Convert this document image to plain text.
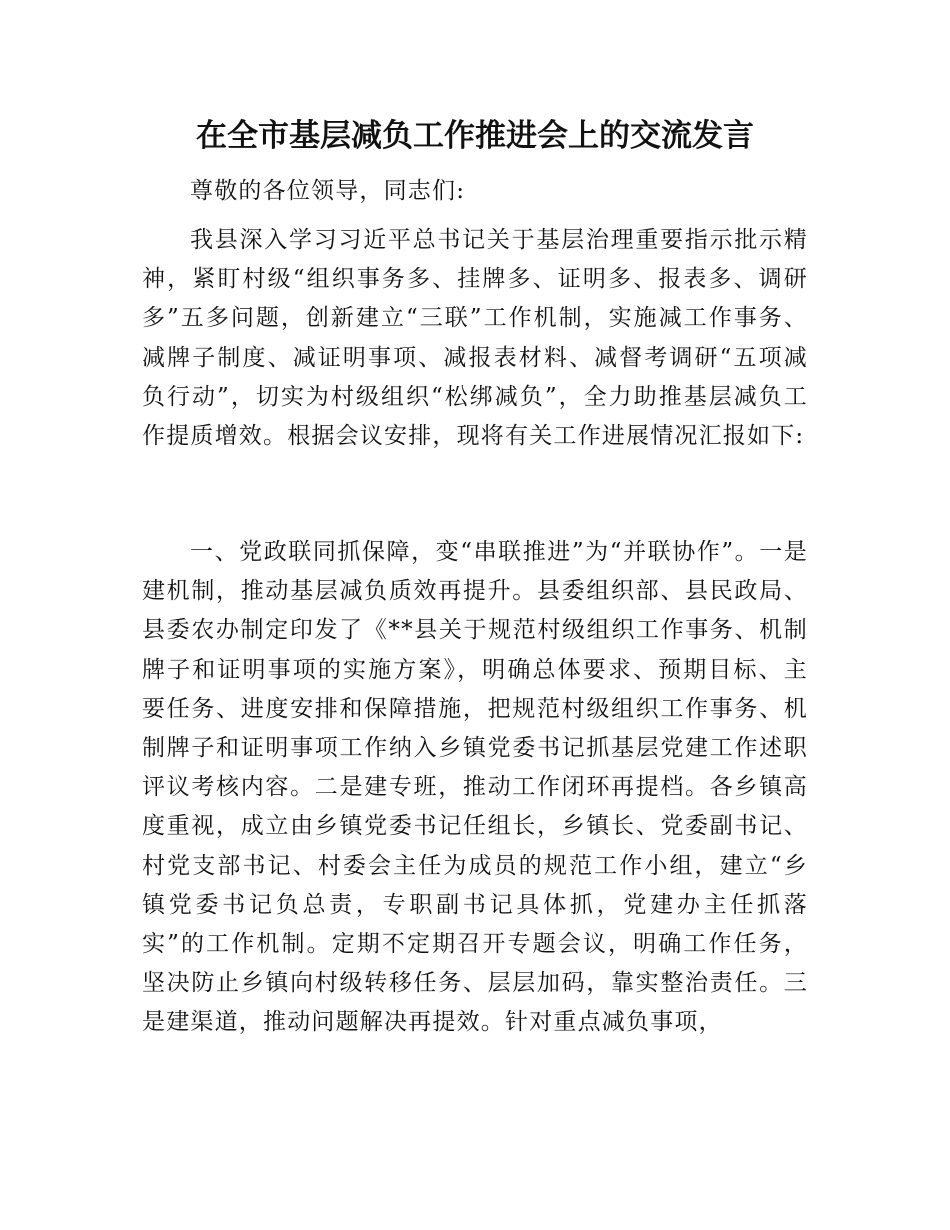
在全市基层减负工作推进会上的交流发言

尊敬的各位领导，同志们:

我县深入学习习近平总书记关于基层治理重要指示批示精神，紧盯村级“组织事务多、挂牌多、证明多、报表多、调研多”五多问题，创新建立“三联”工作机制，实施减工作事务、减牌子制度、减证明事项、减报表材料、减督考调研“五项减负行动”，切实为村级组织“松绑减负”，全力助推基层减负工作提质增效。根据会议安排，现将有关工作进展情况汇报如下:

一、党政联同抓保障，变“串联推进”为“并联协作”。一是建机制，推动基层减负质效再提升。县委组织部、县民政局、县委农办制定印发了《**县关于规范村级组织工作事务、机制牌子和证明事项的实施方案》，明确总体要求、预期目标、主要任务、进度安排和保障措施，把规范村级组织工作事务、机制牌子和证明事项工作纳入乡镇党委书记抓基层党建工作述职评议考核内容。二是建专班，推动工作闭环再提档。各乡镇高度重视，成立由乡镇党委书记任组长，乡镇长、党委副书记、村党支部书记、村委会主任为成员的规范工作小组，建立“乡镇党委书记负总责，专职副书记具体抓，党建办主任抓落实”的工作机制。定期不定期召开专题会议，明确工作任务，坚决防止乡镇向村级转移任务、层层加码，靠实整治责任。三是建渠道，推动问题解决再提效。针对重点减负事项，
